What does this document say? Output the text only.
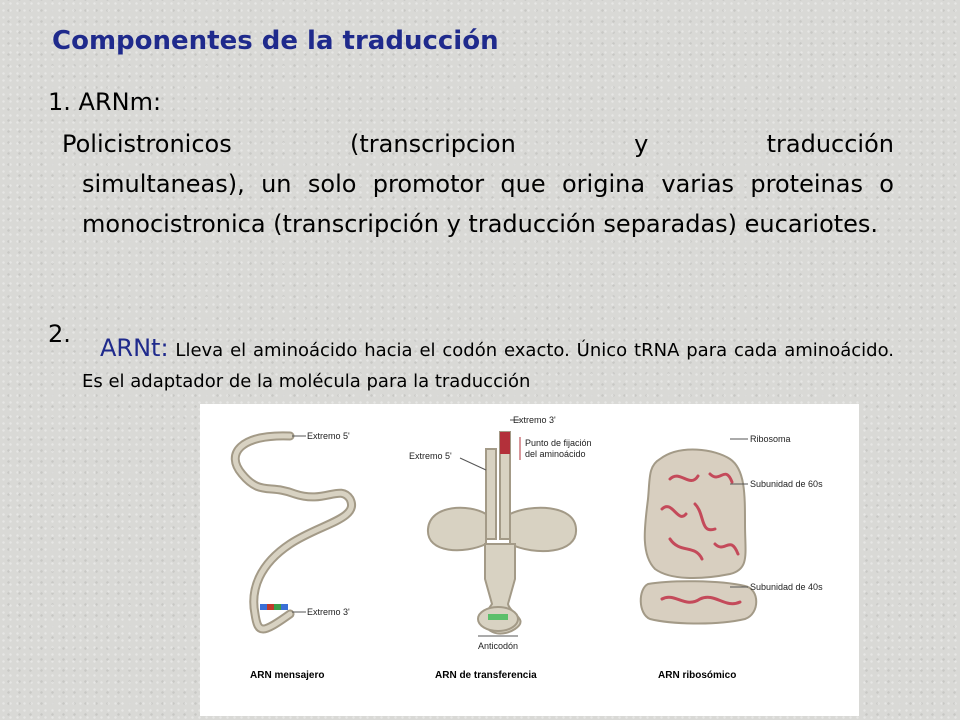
Componentes de la traducción
1. ARNm:
Policistronicos (transcripcion y traducción
simultaneas), un solo promotor que origina varias proteinas o monocistronica (transcripción y traducción separadas) eucariotes.
2.	ARNt: Lleva el aminoácido hacia el codón exacto. Único tRNA para cada aminoácido. Es el adaptador de la molécula para la traducción
Extremo 5'
Extremo 3'
Extremo 3'
Punto de fijación
del aminoácido
Extremo 5'
Anticodón
Ribosoma
Subunidad de 60s
Subunidad de 40s
ARN mensajero	ARN de transferencia	ARN ribosómico
